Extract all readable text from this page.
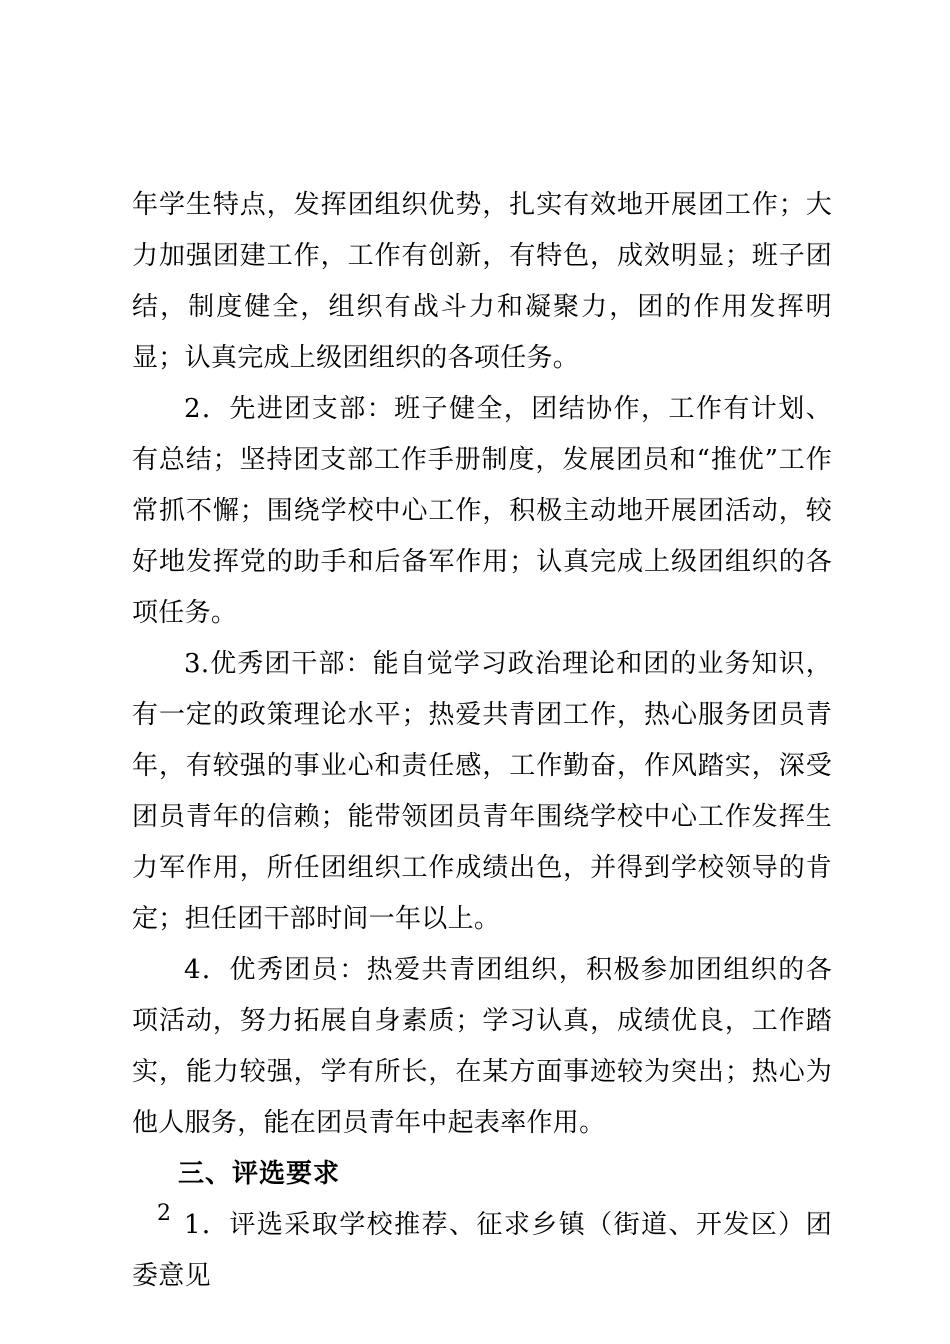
年学生特点，发挥团组织优势，扎实有效地开展团工作；大力加强团建工作，工作有创新，有特色，成效明显；班子团结，制度健全，组织有战斗力和凝聚力，团的作用发挥明显；认真完成上级团组织的各项任务。

2．先进团支部：班子健全，团结协作，工作有计划、有总结；坚持团支部工作手册制度，发展团员和“推优”工作常抓不懈；围绕学校中心工作，积极主动地开展团活动，较好地发挥党的助手和后备军作用；认真完成上级团组织的各项任务。

3.优秀团干部：能自觉学习政治理论和团的业务知识，有一定的政策理论水平；热爱共青团工作，热心服务团员青年，有较强的事业心和责任感，工作勤奋，作风踏实，深受团员青年的信赖；能带领团员青年围绕学校中心工作发挥生力军作用，所任团组织工作成绩出色，并得到学校领导的肯定；担任团干部时间一年以上。

4．优秀团员：热爱共青团组织，积极参加团组织的各项活动，努力拓展自身素质；学习认真，成绩优良，工作踏实，能力较强，学有所长，在某方面事迹较为突出；热心为他人服务，能在团员青年中起表率作用。

三、评选要求

1．评选采取学校推荐、征求乡镇（街道、开发区）团委意见

2
